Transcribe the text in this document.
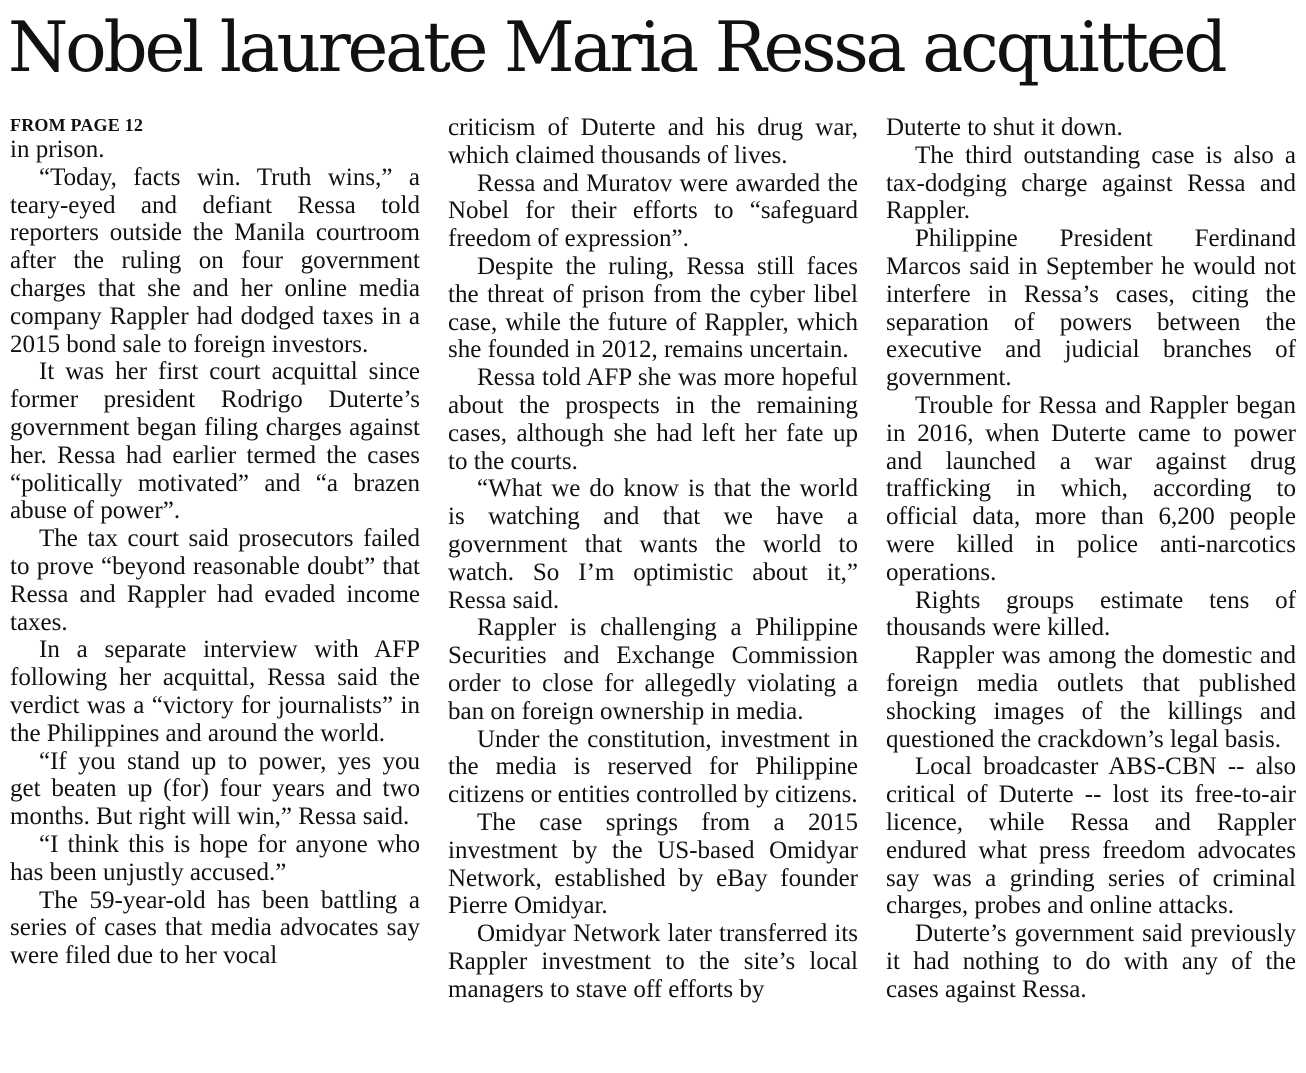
Nobel laureate Maria Ressa acquitted
FROM PAGE 12

in prison.

“Today, facts win. Truth wins,” a teary-eyed and defiant Ressa told reporters outside the Manila courtroom after the ruling on four government charges that she and her online media company Rappler had dodged taxes in a 2015 bond sale to foreign investors.

It was her first court acquittal since former president Rodrigo Duterte’s government began filing charges against her. Ressa had earlier termed the cases “politically motivated” and “a brazen abuse of power”.

The tax court said prosecutors failed to prove “beyond reasonable doubt” that Ressa and Rappler had evaded income taxes.

In a separate interview with AFP following her acquittal, Ressa said the verdict was a “victory for journalists” in the Philippines and around the world.

“If you stand up to power, yes you get beaten up (for) four years and two months. But right will win,” Ressa said.

“I think this is hope for anyone who has been unjustly accused.”

The 59-year-old has been battling a series of cases that media advocates say were filed due to her vocal

criticism of Duterte and his drug war, which claimed thousands of lives.

Ressa and Muratov were awarded the Nobel for their efforts to “safeguard freedom of expression”.

Despite the ruling, Ressa still faces the threat of prison from the cyber libel case, while the future of Rappler, which she founded in 2012, remains uncertain.

Ressa told AFP she was more hopeful about the prospects in the remaining cases, although she had left her fate up to the courts.

“What we do know is that the world is watching and that we have a government that wants the world to watch. So I’m optimistic about it,” Ressa said.

Rappler is challenging a Philippine Securities and Exchange Commission order to close for allegedly violating a ban on foreign ownership in media.

Under the constitution, investment in the media is reserved for Philippine citizens or entities controlled by citizens.

The case springs from a 2015 investment by the US-based Omidyar Network, established by eBay founder Pierre Omidyar.

Omidyar Network later transferred its Rappler investment to the site’s local managers to stave off efforts by

Duterte to shut it down.

The third outstanding case is also a tax-dodging charge against Ressa and Rappler.

Philippine President Ferdinand Marcos said in September he would not interfere in Ressa’s cases, citing the separation of powers between the executive and judicial branches of government.

Trouble for Ressa and Rappler began in 2016, when Duterte came to power and launched a war against drug trafficking in which, according to official data, more than 6,200 people were killed in police anti-narcotics operations.

Rights groups estimate tens of thousands were killed.

Rappler was among the domestic and foreign media outlets that published shocking images of the killings and questioned the crackdown’s legal basis.

Local broadcaster ABS-CBN -- also critical of Duterte -- lost its free-to-air licence, while Ressa and Rappler endured what press freedom advocates say was a grinding series of criminal charges, probes and online attacks.

Duterte’s government said previously it had nothing to do with any of the cases against Ressa.
